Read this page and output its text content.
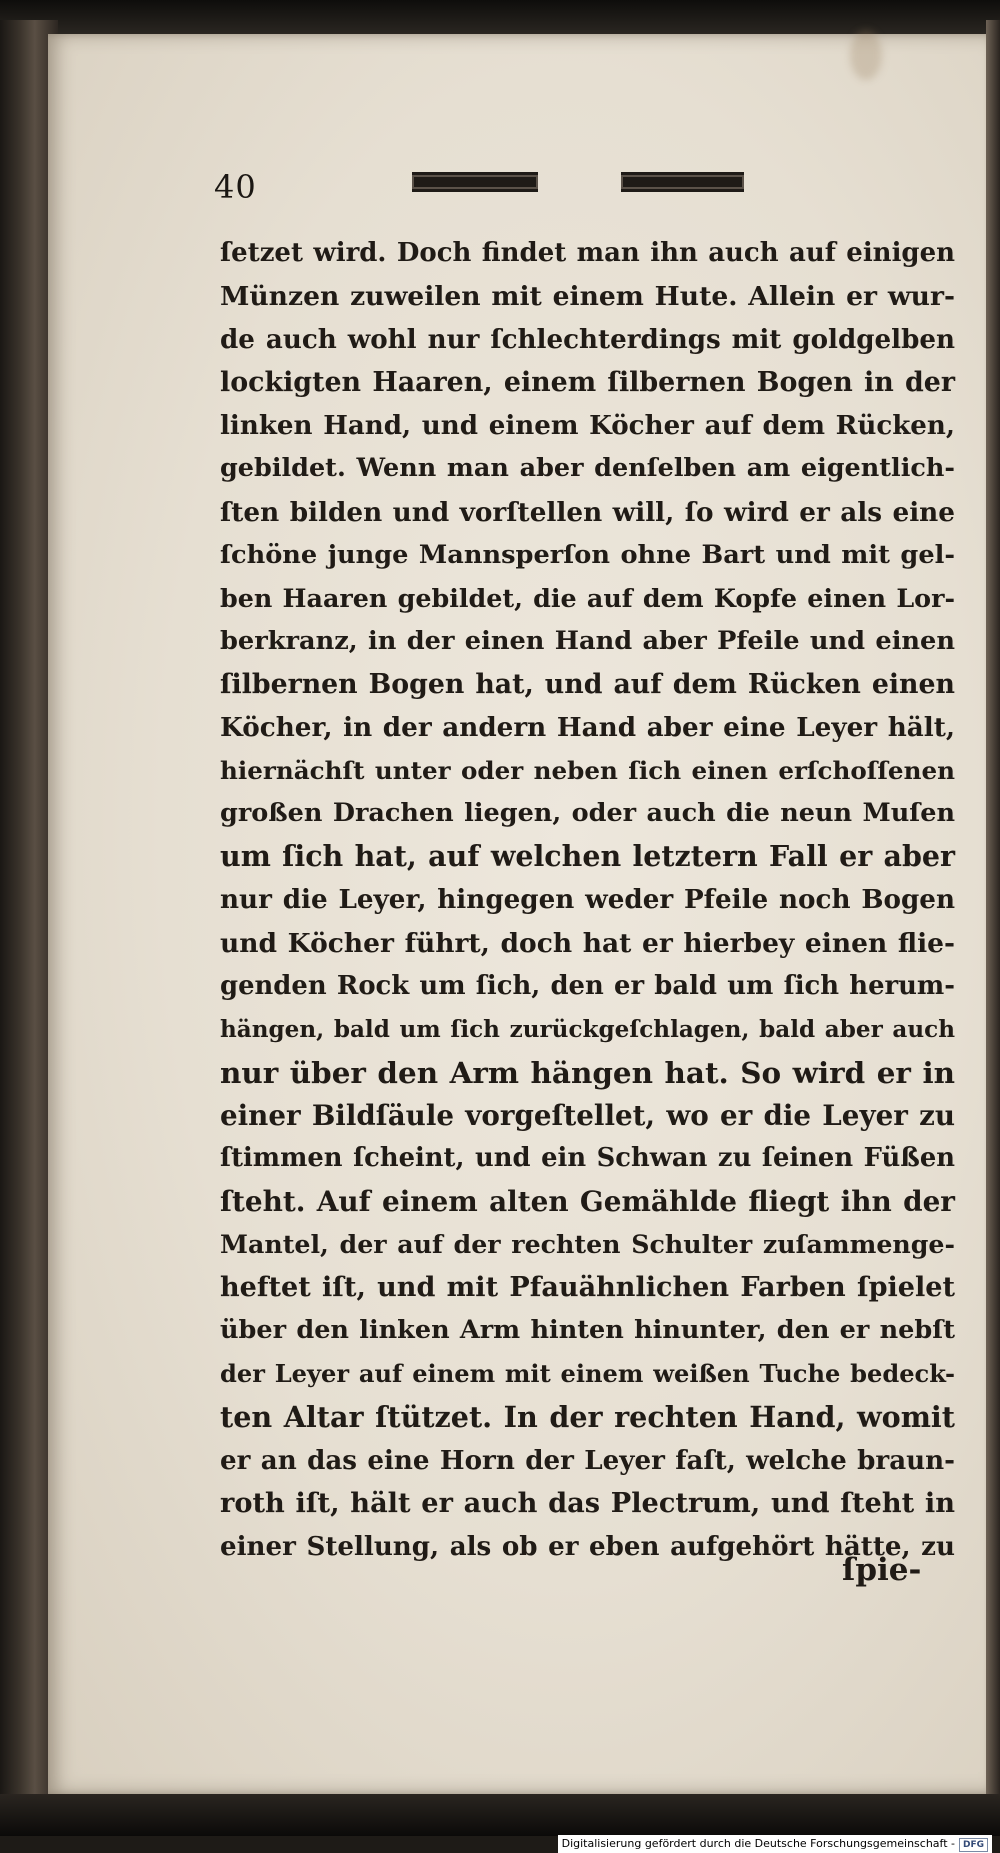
40
ſetzet wird. Doch findet man ihn auch auf einigen
Münzen zuweilen mit einem Hute. Allein er wur-
de auch wohl nur ſchlechterdings mit goldgelben
lockigten Haaren, einem ſilbernen Bogen in der
linken Hand, und einem Köcher auf dem Rücken,
gebildet. Wenn man aber denſelben am eigentlich-
ſten bilden und vorſtellen will, ſo wird er als eine
ſchöne junge Mannsperſon ohne Bart und mit gel-
ben Haaren gebildet, die auf dem Kopfe einen Lor-
berkranz, in der einen Hand aber Pfeile und einen
ſilbernen Bogen hat, und auf dem Rücken einen
Köcher, in der andern Hand aber eine Leyer hält,
hiernächſt unter oder neben ſich einen erſchoſſenen
großen Drachen liegen, oder auch die neun Muſen
um ſich hat, auf welchen letztern Fall er aber
nur die Leyer, hingegen weder Pfeile noch Bogen
und Köcher führt, doch hat er hierbey einen flie-
genden Rock um ſich, den er bald um ſich herum-
hängen, bald um ſich zurückgeſchlagen, bald aber auch
nur über den Arm hängen hat. So wird er in
einer Bildſäule vorgeſtellet, wo er die Leyer zu
ſtimmen ſcheint, und ein Schwan zu ſeinen Füßen
ſteht. Auf einem alten Gemählde fliegt ihn der
Mantel, der auf der rechten Schulter zuſammenge-
heftet iſt, und mit Pfauähnlichen Farben ſpielet
über den linken Arm hinten hinunter, den er nebſt
der Leyer auf einem mit einem weißen Tuche bedeck-
ten Altar ſtützet. In der rechten Hand, womit
er an das eine Horn der Leyer faſt, welche braun-
roth iſt, hält er auch das Plectrum, und ſteht in
einer Stellung, als ob er eben aufgehört hätte, zu
ſpie-
Digitalisierung gefördert durch die Deutsche Forschungsgemeinschaft - DFG
